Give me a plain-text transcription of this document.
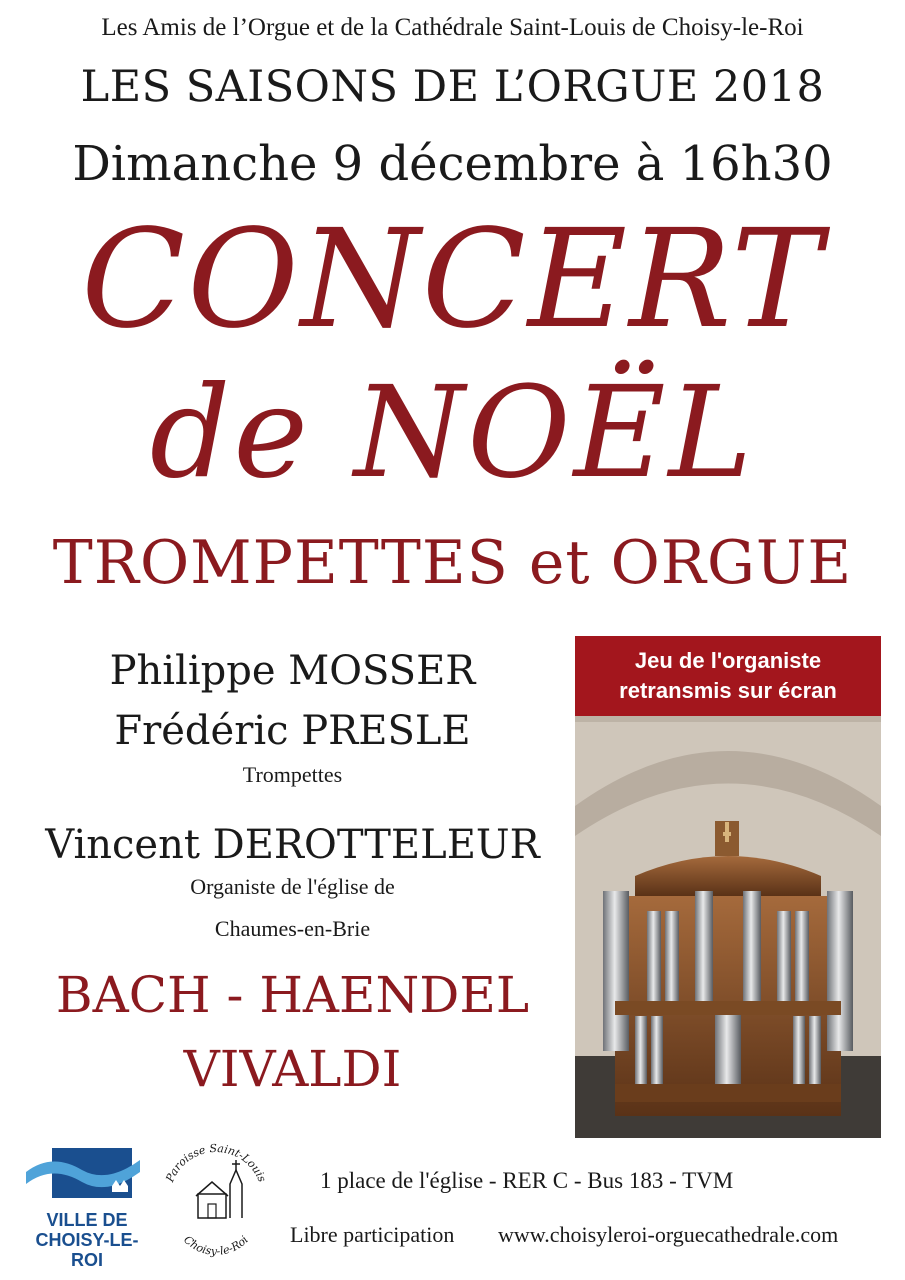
Les Amis de l’Orgue et de la Cathédrale Saint-Louis de Choisy-le-Roi
LES SAISONS DE L’ORGUE 2018
Dimanche 9 décembre à 16h30
CONCERT
de NOËL
TROMPETTES et ORGUE
Philippe MOSSER
Frédéric PRESLE
Trompettes
Vincent DEROTTELEUR
Organiste de l'église de
Chaumes-en-Brie
BACH - HAENDEL
VIVALDI
Jeu de l'organiste
retransmis sur écran
VILLE DE
CHOISY-LE-ROI
Paroisse Saint-Louis
Choisy-le-Roi
1 place de l'église - RER C - Bus 183 - TVM
Libre participation www.choisyleroi-orguecathedrale.com
